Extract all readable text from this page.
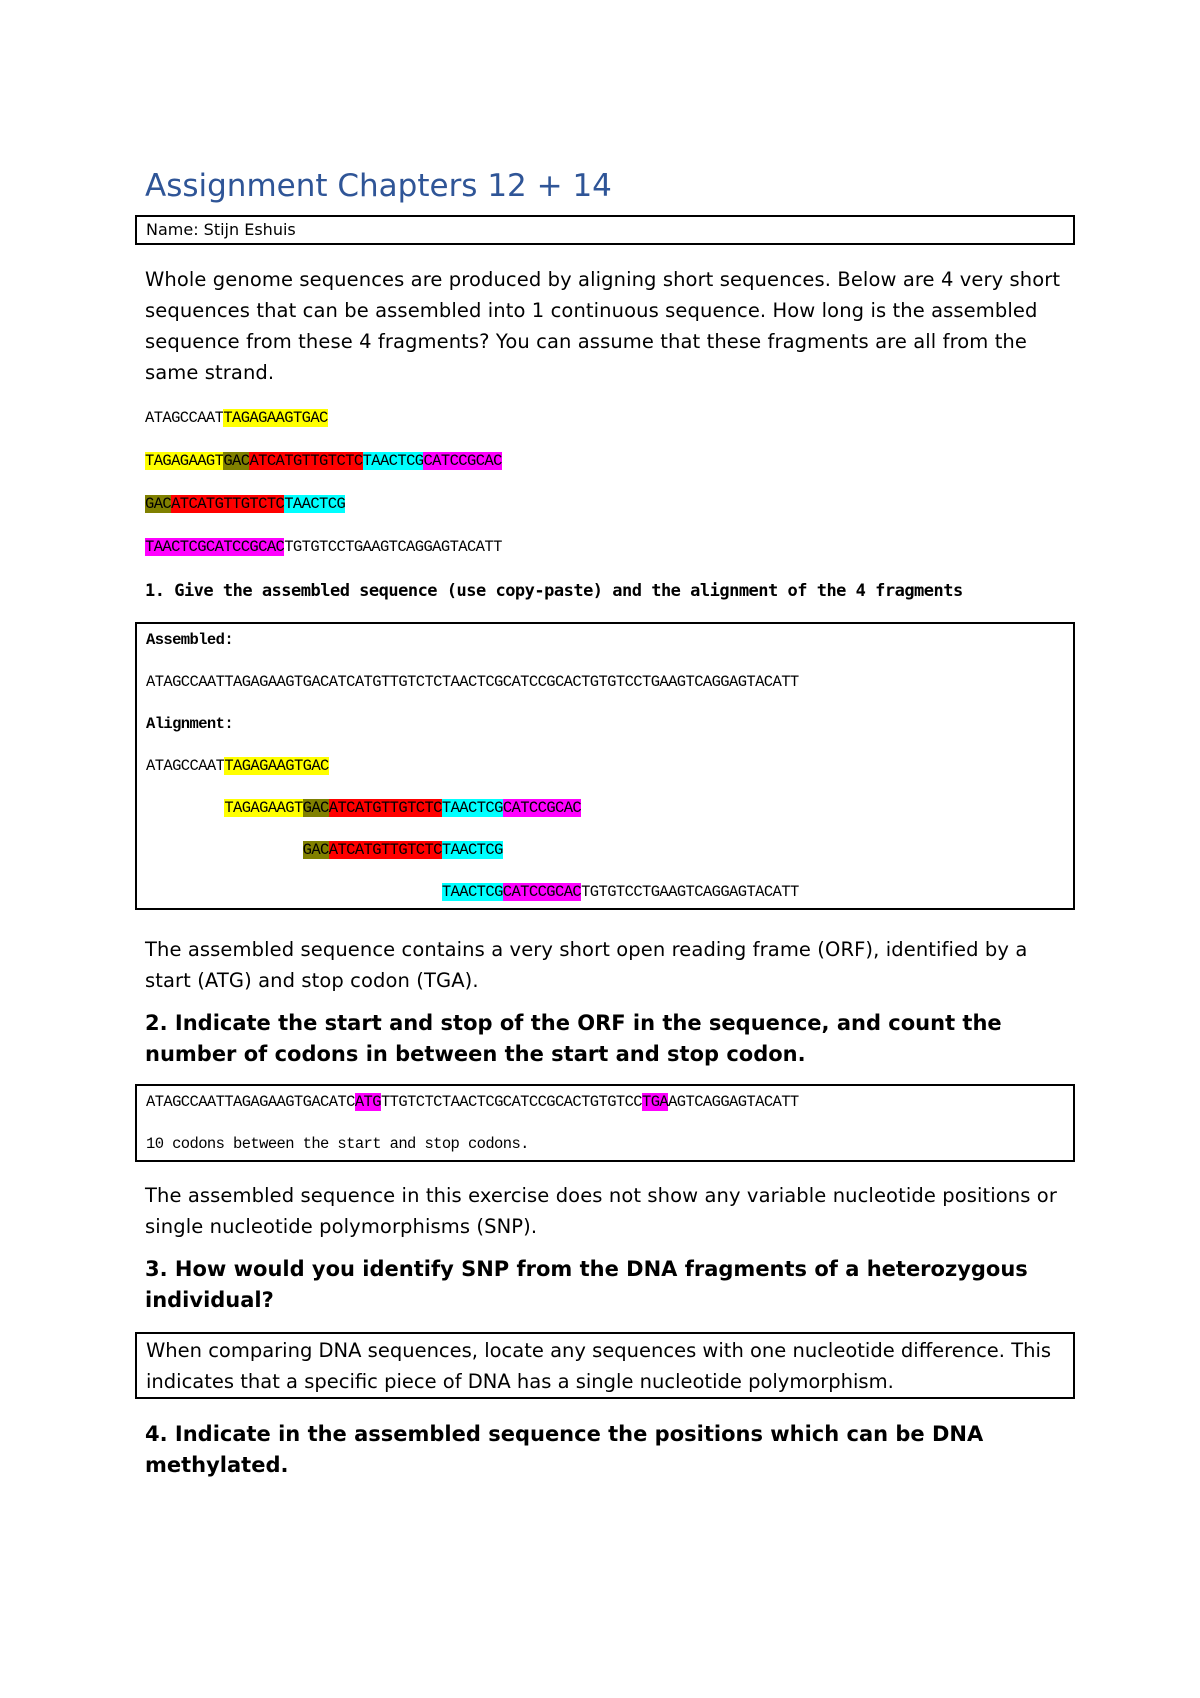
Assignment Chapters 12 + 14
Name: Stijn Eshuis

Whole genome sequences are produced by aligning short sequences. Below are 4 very short sequences that can be assembled into 1 continuous sequence. How long is the assembled sequence from these 4 fragments? You can assume that these fragments are all from the same strand.

ATAGCCAATTAGAGAAGTGAC
TAGAGAAGTGACATCATGTTGTCTCTAACTCGCATCCGCAC
GACATCATGTTGTCTCTAACTCG
TAACTCGCATCCGCACTGTGTCCTGAAGTCAGGAGTACATT
1. Give the assembled sequence (use copy-paste) and the alignment of the 4 fragments
Assembled:
ATAGCCAATTAGAGAAGTGACATCATGTTGTCTCTAACTCGCATCCGCACTGTGTCCTGAAGTCAGGAGTACATT
Alignment:
ATAGCCAATTAGAGAAGTGAC
TAGAGAAGTGACATCATGTTGTCTCTAACTCGCATCCGCAC
GACATCATGTTGTCTCTAACTCG
TAACTCGCATCCGCACTGTGTCCTGAAGTCAGGAGTACATT

The assembled sequence contains a very short open reading frame (ORF), identified by a start (ATG) and stop codon (TGA).

2. Indicate the start and stop of the ORF in the sequence, and count the number of codons in between the start and stop codon.

ATAGCCAATTAGAGAAGTGACATCATGTTGTCTCTAACTCGCATCCGCACTGTGTCCTGAAGTCAGGAGTACATT
10 codons between the start and stop codons.

The assembled sequence in this exercise does not show any variable nucleotide positions or single nucleotide polymorphisms (SNP).

3. How would you identify SNP from the DNA fragments of a heterozygous individual?

When comparing DNA sequences, locate any sequences with one nucleotide difference. This indicates that a specific piece of DNA has a single nucleotide polymorphism.

4. Indicate in the assembled sequence the positions which can be DNA methylated.
